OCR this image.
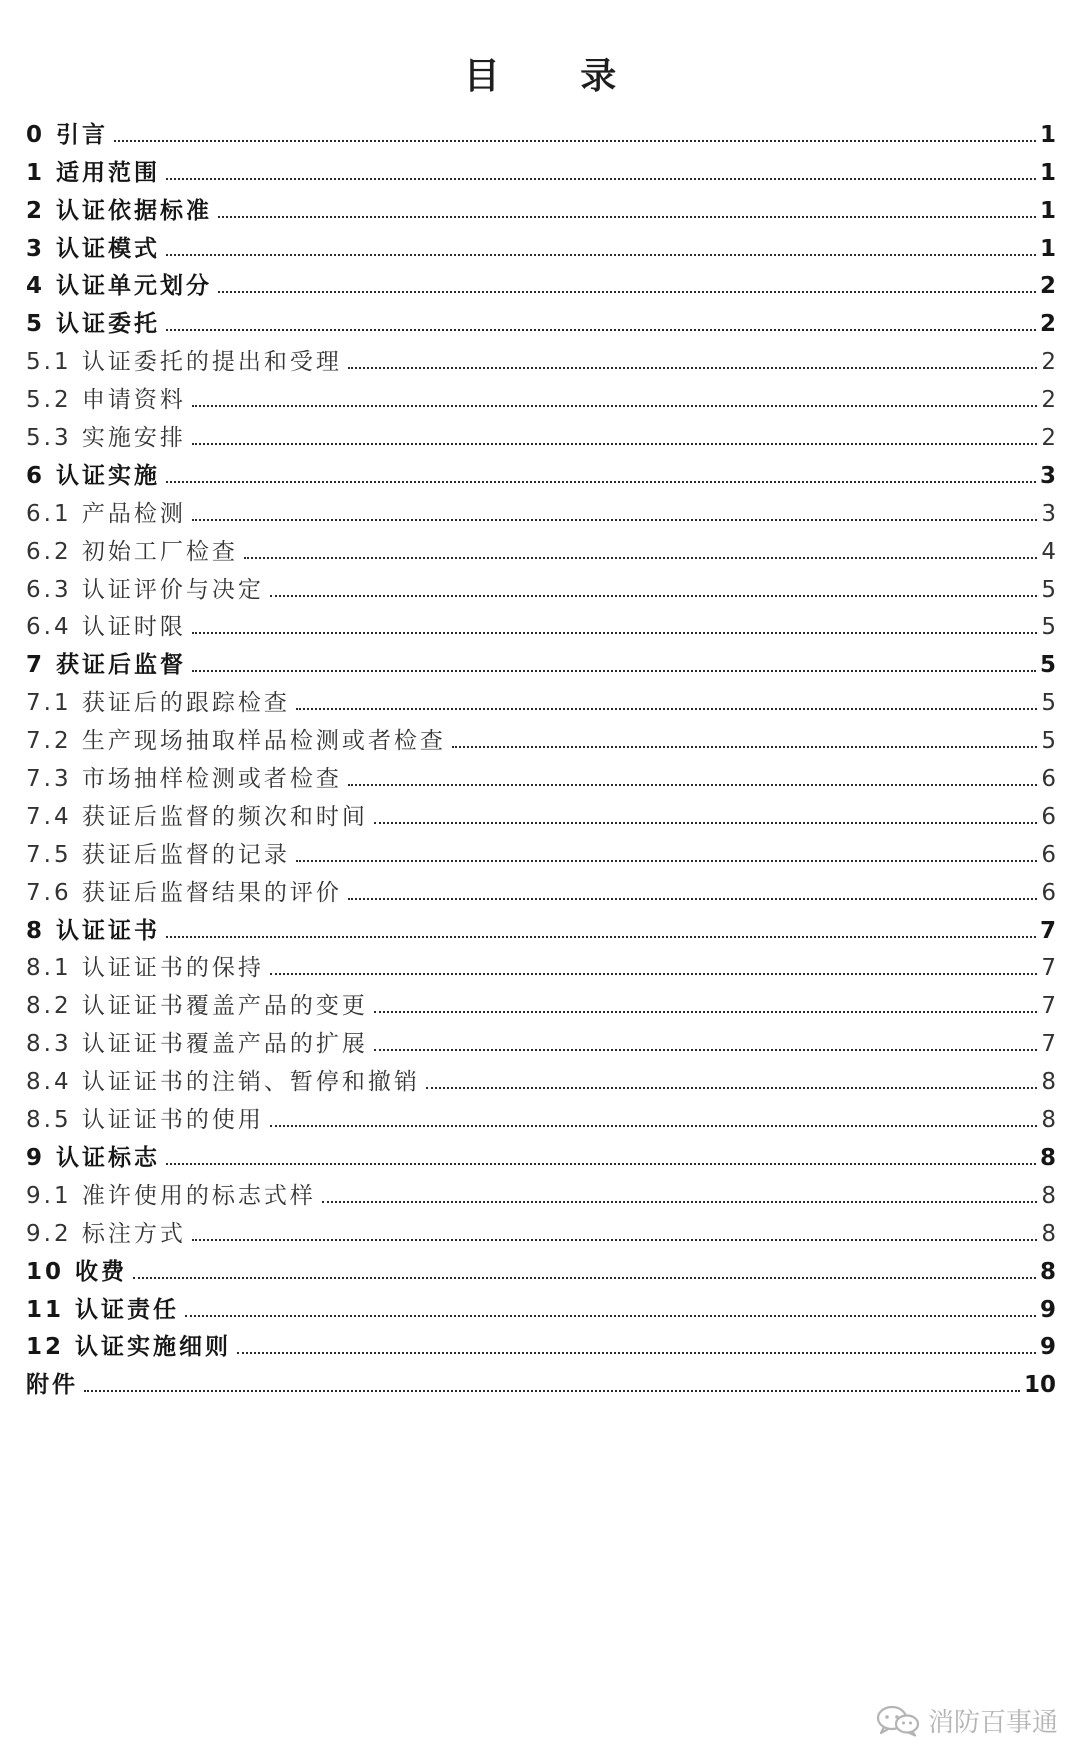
目 录
0 引言	1
1 适用范围	1
2 认证依据标准	1
3 认证模式	1
4 认证单元划分	2
5 认证委托	2
5.1 认证委托的提出和受理	2
5.2 申请资料	2
5.3 实施安排	2
6 认证实施	3
6.1 产品检测	3
6.2 初始工厂检查	4
6.3 认证评价与决定	5
6.4 认证时限	5
7 获证后监督	5
7.1 获证后的跟踪检查	5
7.2 生产现场抽取样品检测或者检查	5
7.3 市场抽样检测或者检查	6
7.4 获证后监督的频次和时间	6
7.5 获证后监督的记录	6
7.6 获证后监督结果的评价	6
8 认证证书	7
8.1 认证证书的保持	7
8.2 认证证书覆盖产品的变更	7
8.3 认证证书覆盖产品的扩展	7
8.4 认证证书的注销、暂停和撤销	8
8.5 认证证书的使用	8
9 认证标志	8
9.1 准许使用的标志式样	8
9.2 标注方式	8
10 收费	8
11 认证责任	9
12 认证实施细则	9
附件	10
消防百事通
